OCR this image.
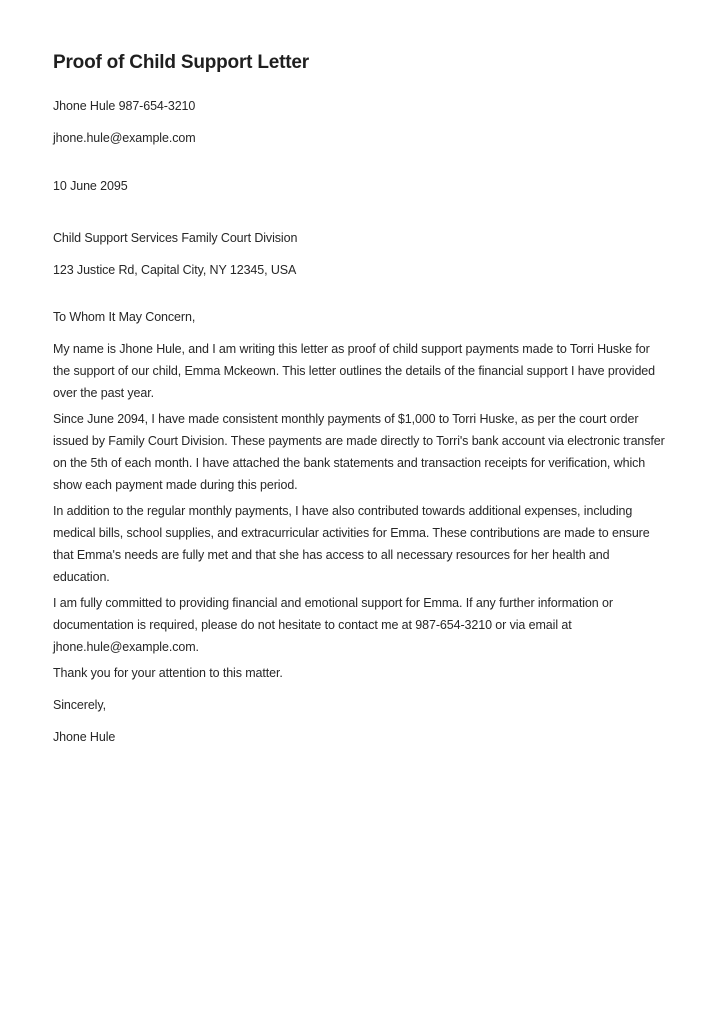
Proof of Child Support Letter

Jhone Hule 987-654-3210

jhone.hule@example.com

10 June 2095

Child Support Services Family Court Division

123 Justice Rd, Capital City, NY 12345, USA

To Whom It May Concern,

My name is Jhone Hule, and I am writing this letter as proof of child support payments made to Torri Huske for the support of our child, Emma Mckeown. This letter outlines the details of the financial support I have provided over the past year.

Since June 2094, I have made consistent monthly payments of $1,000 to Torri Huske, as per the court order issued by Family Court Division. These payments are made directly to Torri's bank account via electronic transfer on the 5th of each month. I have attached the bank statements and transaction receipts for verification, which show each payment made during this period.

In addition to the regular monthly payments, I have also contributed towards additional expenses, including medical bills, school supplies, and extracurricular activities for Emma. These contributions are made to ensure that Emma's needs are fully met and that she has access to all necessary resources for her health and education.

I am fully committed to providing financial and emotional support for Emma. If any further information or documentation is required, please do not hesitate to contact me at 987-654-3210 or via email at jhone.hule@example.com.

Thank you for your attention to this matter.

Sincerely,

Jhone Hule
